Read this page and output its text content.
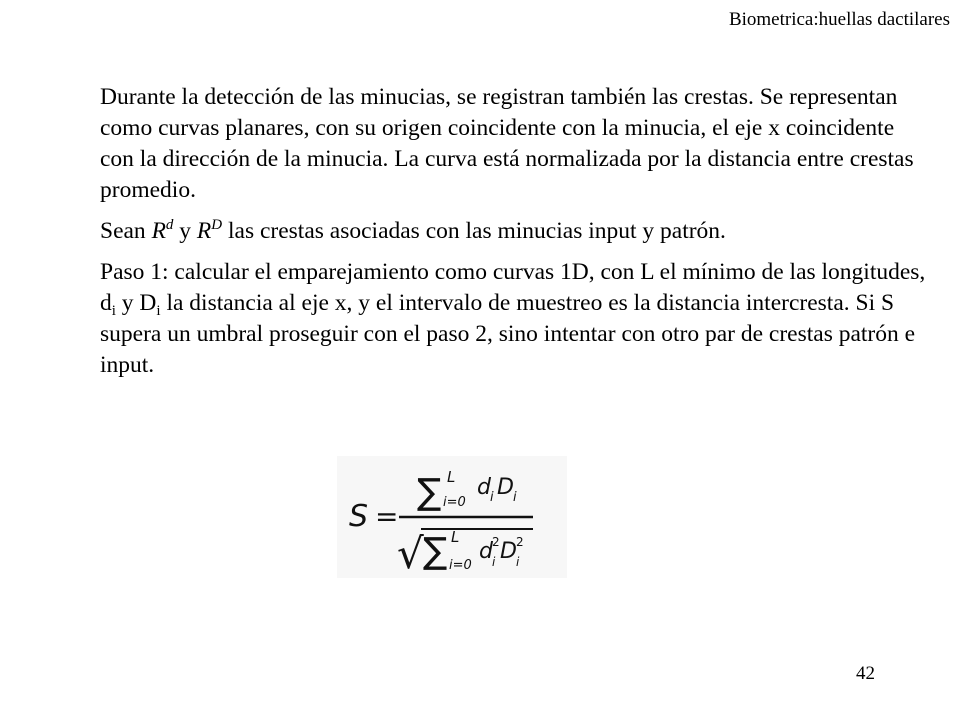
Biometrica:huellas dactilares

Durante la detección de las minucias, se registran también las crestas. Se representan como curvas planares, con su origen coincidente con la minucia, el eje x coincidente con la dirección de la minucia. La curva está normalizada por la distancia entre crestas promedio.

Sean $R^d$ y $R^D$ las crestas asociadas con las minucias input y patrón.

Paso 1: calcular el emparejamiento como curvas 1D, con L el mínimo de las longitudes, $d_i$ y $D_i$ la distancia al eje x, y el intervalo de muestreo es la distancia intercresta. Si S supera un umbral proseguir con el paso 2, sino intentar con otro par de crestas patrón e input.

S =
∑ L
i=0
d i D i
√ ∑ L
i=0
d 2
i D 2
i
42
